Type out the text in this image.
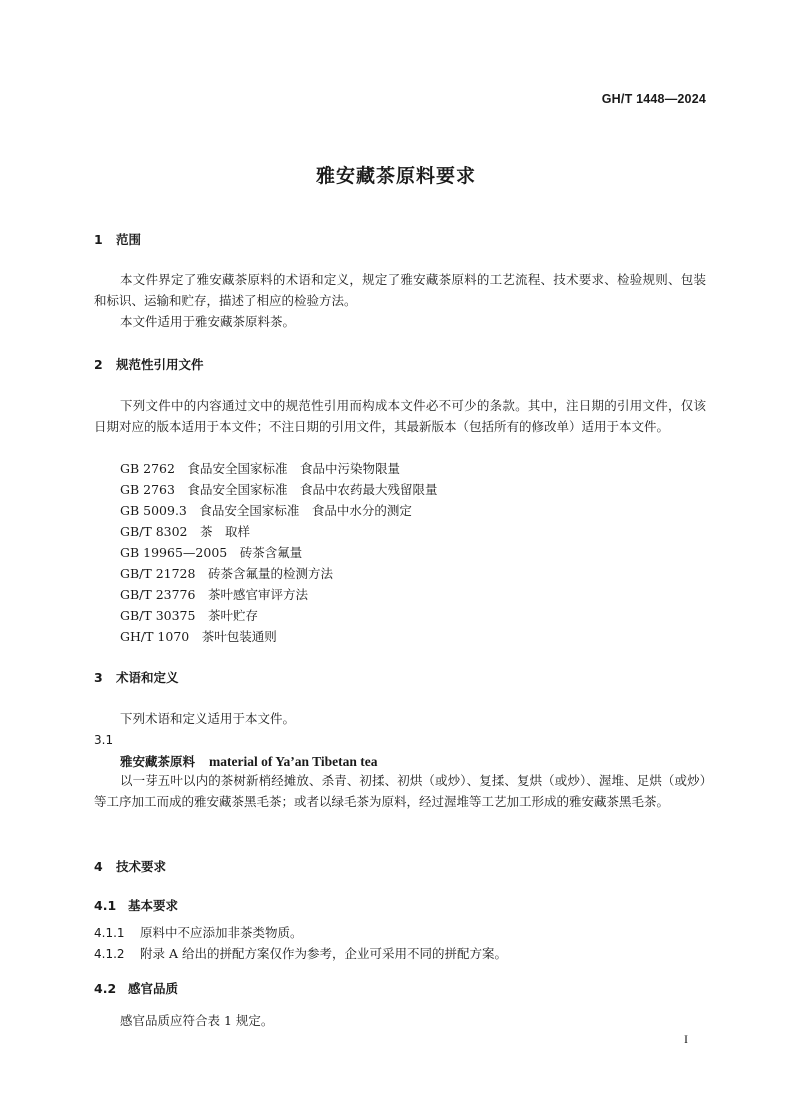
GH/T 1448—2024
雅安藏茶原料要求
1 范围
本文件界定了雅安藏茶原料的术语和定义，规定了雅安藏茶原料的工艺流程、技术要求、检验规则、包装和标识、运输和贮存，描述了相应的检验方法。
本文件适用于雅安藏茶原料茶。
2 规范性引用文件
下列文件中的内容通过文中的规范性引用而构成本文件必不可少的条款。其中，注日期的引用文件，仅该日期对应的版本适用于本文件；不注日期的引用文件，其最新版本（包括所有的修改单）适用于本文件。
GB 2762　食品安全国家标准　食品中污染物限量
GB 2763　食品安全国家标准　食品中农药最大残留限量
GB 5009.3　食品安全国家标准　食品中水分的测定
GB/T 8302　茶　取样
GB 19965—2005　砖茶含氟量
GB/T 21728　砖茶含氟量的检测方法
GB/T 23776　茶叶感官审评方法
GB/T 30375　茶叶贮存
GH/T 1070　茶叶包装通则
3 术语和定义
下列术语和定义适用于本文件。
3.1
雅安藏茶原料 material of Ya’an Tibetan tea
以一芽五叶以内的茶树新梢经摊放、杀青、初揉、初烘（或炒）、复揉、复烘（或炒）、渥堆、足烘（或炒）等工序加工而成的雅安藏茶黑毛茶；或者以绿毛茶为原料，经过渥堆等工艺加工形成的雅安藏茶黑毛茶。
4 技术要求
4.1 基本要求
4.1.1 原料中不应添加非茶类物质。
4.1.2 附录 A 给出的拼配方案仅作为参考，企业可采用不同的拼配方案。
4.2 感官品质
感官品质应符合表 1 规定。
I
